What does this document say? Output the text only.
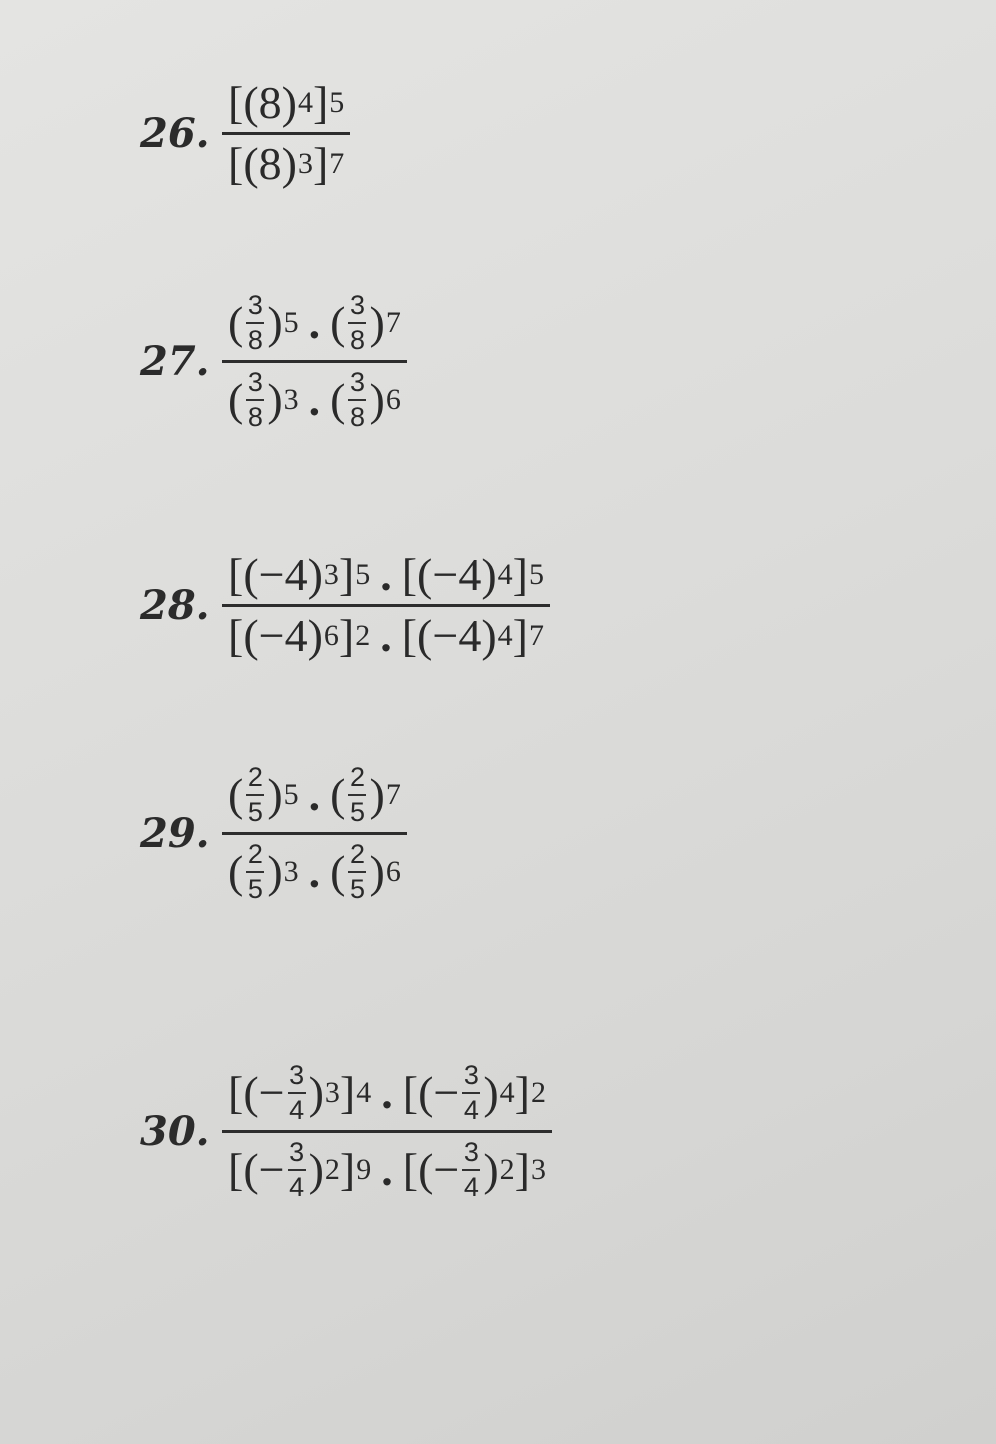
26. $\frac{[(8) 4 ] 5}{[(8) 3 ] 7}$
27. ( 3
8 ) 5 . ( 3
8 ) 7
( 3
8 ) 3 . ( 3
8 ) 6
28. $\frac{[(-4) 3 ] 5 . [(-4) 4 ] 5}{[(-4) 6 ] 2 . [(-4) 4 ] 7}$
29. ( 2
5 ) 5 . ( 2
5 ) 7
( 2
5 ) 3 . ( 2
5 ) 6
30. [(− 3
4 ) 3 ] 4 . [(− 3
4 ) 4 ] 2
[(− 3
4 ) 2 ] 9 . [(− 3
4 ) 2 ] 3
